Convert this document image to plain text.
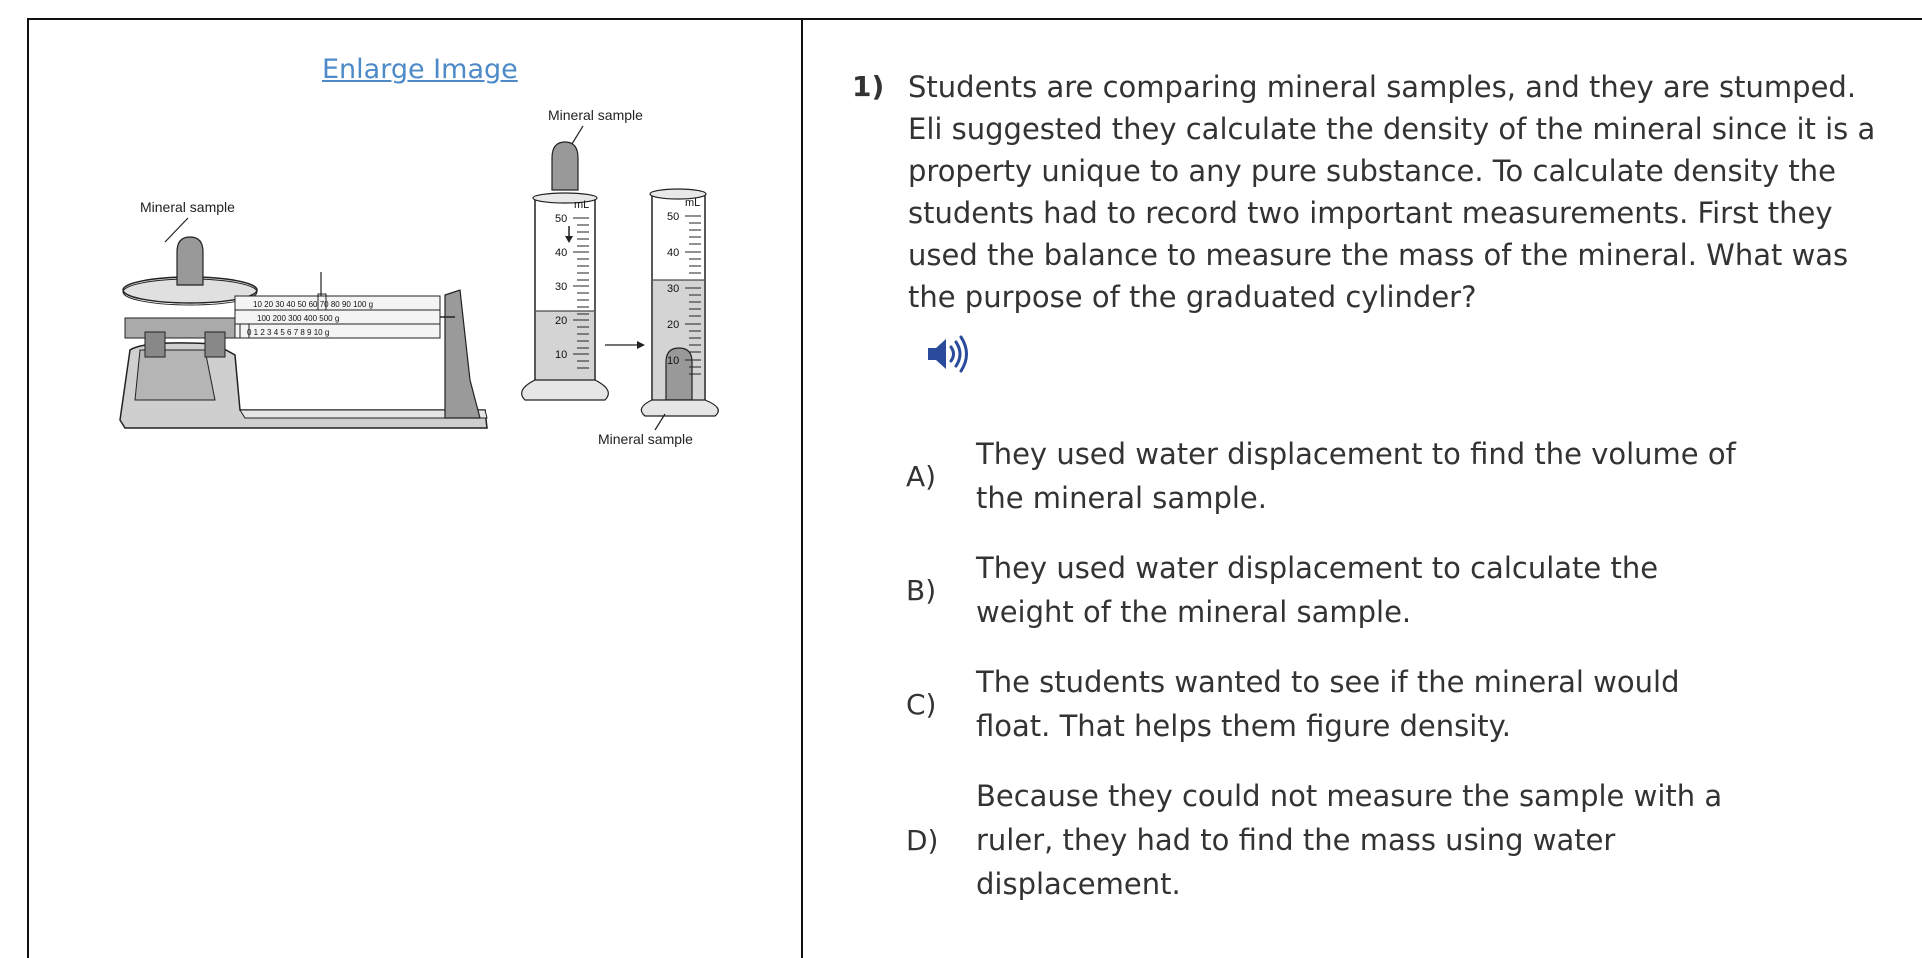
Enlarge Image
Mineral sample
10 20 30 40 50 60 70 80 90 100 g
100 200 300 400 500 g
0 1 2 3 4 5 6 7 8 9 10 g
Mineral sample
mL
50
40
30
20
10
mL
50
40
30
20
10
Mineral sample
1) Students are comparing mineral samples, and they are stumped. Eli suggested they calculate the density of the mineral since it is a property unique to any pure substance. To calculate density the students had to record two important measurements. First they used the balance to measure the mass of the mineral. What was the purpose of the graduated cylinder?
A)
They used water displacement to find the volume of the mineral sample.
B)
They used water displacement to calculate the weight of the mineral sample.
C)
The students wanted to see if the mineral would float. That helps them figure density.
D)
Because they could not measure the sample with a ruler, they had to find the mass using water displacement.
